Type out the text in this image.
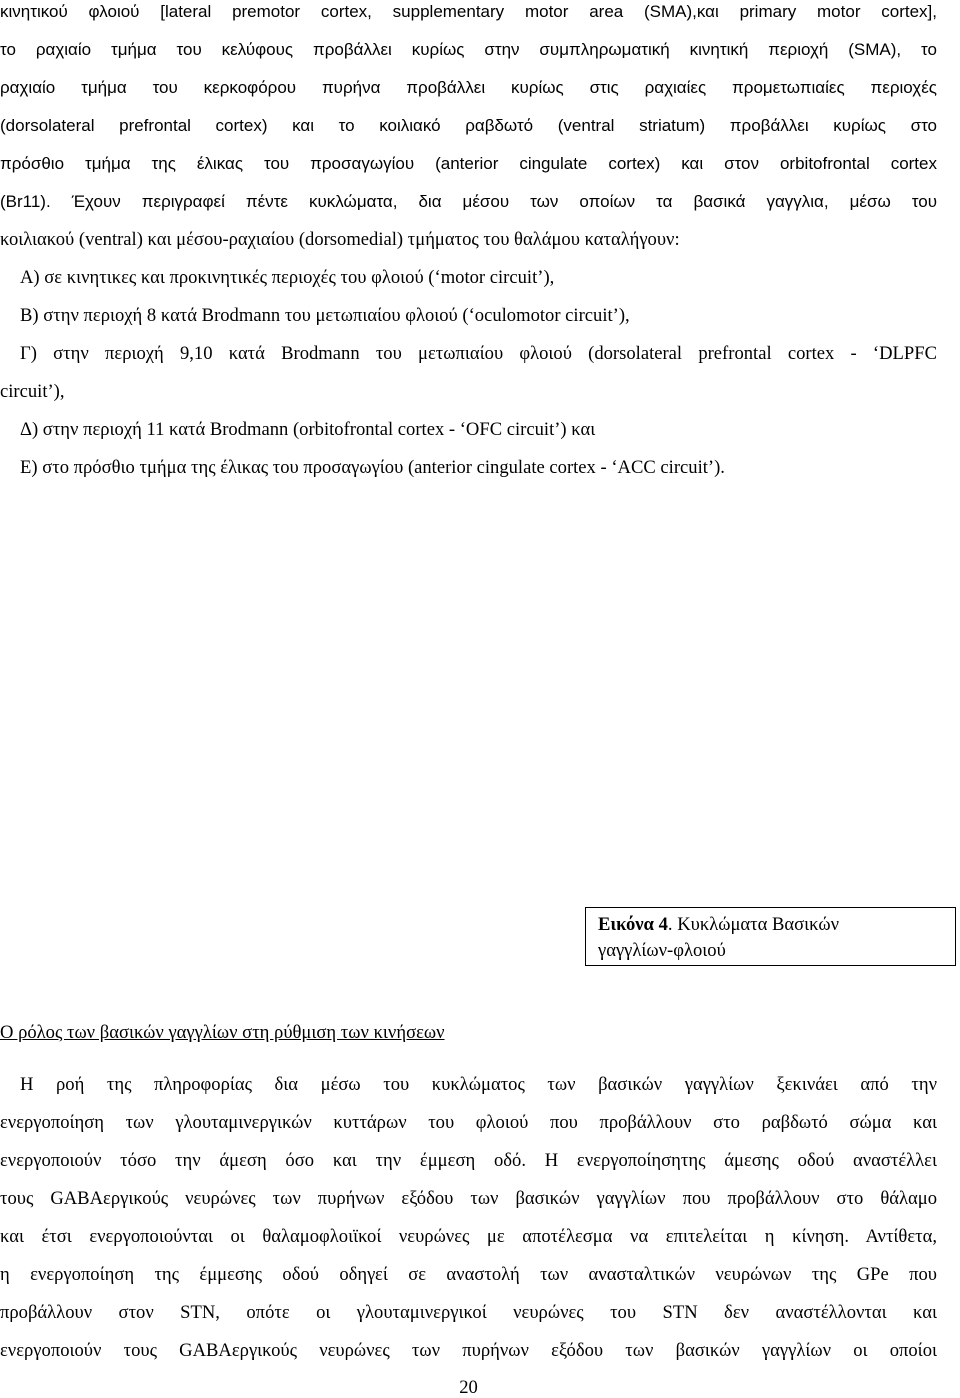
κινητικού φλοιού [lateral premotor cortex, supplementary motor area (SMA),και primary motor cortex],
το ραχιαίο τμήμα του κελύφους προβάλλει κυρίως στην συμπληρωματική κινητική περιοχή (SMA), το
ραχιαίο τμήμα του κερκοφόρου πυρήνα προβάλλει κυρίως στις ραχιαίες προμετωπιαίες περιοχές
(dorsolateral prefrontal cortex) και το κοιλιακό ραβδωτό (ventral striatum) προβάλλει κυρίως στο
πρόσθιο τμήμα της έλικας του προσαγωγίου (anterior cingulate cortex) και στον orbitofrontal cortex
(Br11). Έχουν περιγραφεί πέντε κυκλώματα, δια μέσου των οποίων τα βασικά γαγγλια, μέσω του
κοιλιακού (ventral) και μέσου-ραχιαίου (dorsomedial) τμήματος του θαλάμου καταλήγουν:
Α) σε κινητικες και προκινητικές περιοχές του φλοιού (‘motor circuit’),
Β) στην περιοχή 8 κατά Brodmann του μετωπιαίου φλοιού (‘oculomotor circuit’),
Γ) στην περιοχή 9,10 κατά Brodmann του μετωπιαίου φλοιού (dorsolateral prefrontal cortex - ‘DLPFC
circuit’),
Δ) στην περιοχή 11 κατά Brodmann (orbitofrontal cortex - ‘OFC circuit’) και
Ε) στο πρόσθιο τμήμα της έλικας του προσαγωγίου (anterior cingulate cortex - ‘ACC circuit’).
Εικόνα 4. Κυκλώματα Βασικών
γαγγλίων-φλοιού
Ο ρόλος των βασικών γαγγλίων στη ρύθμιση των κινήσεων
Η ροή της πληροφορίας δια μέσω του κυκλώματος των βασικών γαγγλίων ξεκινάει από την
ενεργοποίηση των γλουταμινεργικών κυττάρων του φλοιού που προβάλλουν στο ραβδωτό σώμα και
ενεργοποιούν τόσο την άμεση όσο και την έμμεση οδό. Η ενεργοποίησητης άμεσης οδού αναστέλλει
τους GABAεργικούς νευρώνες των πυρήνων εξόδου των βασικών γαγγλίων που προβάλλουν στο θάλαμο
και έτσι ενεργοποιούνται οι θαλαμοφλοιϊκοί νευρώνες με αποτέλεσμα να επιτελείται η κίνηση. Αντίθετα,
η ενεργοποίηση της έμμεσης οδού οδηγεί σε αναστολή των ανασταλτικών νευρώνων της GPe που
προβάλλουν στον STN, οπότε οι γλουταμινεργικοί νευρώνες του STN δεν αναστέλλονται και
ενεργοποιούν τους GABAεργικούς νευρώνες των πυρήνων εξόδου των βασικών γαγγλίων οι οποίοι
20
